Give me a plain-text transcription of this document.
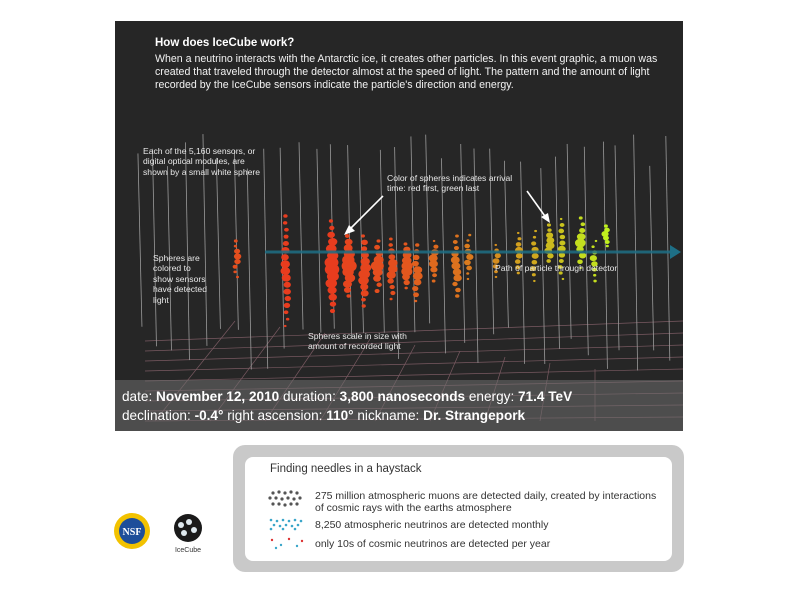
How does IceCube work?
When a neutrino interacts with the Antarctic ice, it creates other particles. In this event graphic, a muon was created that traveled through the detector almost at the speed of light. The pattern and the amount of light recorded by the IceCube sensors indicate the particle's direction and energy.
Each of the 5,160 sensors, or digital optical modules, are shown by a small white sphere
Color of spheres indicates arrival time: red first, green last
Spheres are colored to show sensors have detected light
Path of particle through detector
Spheres scale in size with amount of recorded light
date: November 12, 2010 duration: 3,800 nanoseconds energy: 71.4 TeV
declination: -0.4° right ascension: 110° nickname: Dr. Strangepork
Finding needles in a haystack
275 million atmospheric muons are detected daily, created by interactions of cosmic rays with the earths atmosphere
8,250 atmospheric neutrinos are detected monthly
only 10s of cosmic neutrinos are detected per year
NSF
IceCube
